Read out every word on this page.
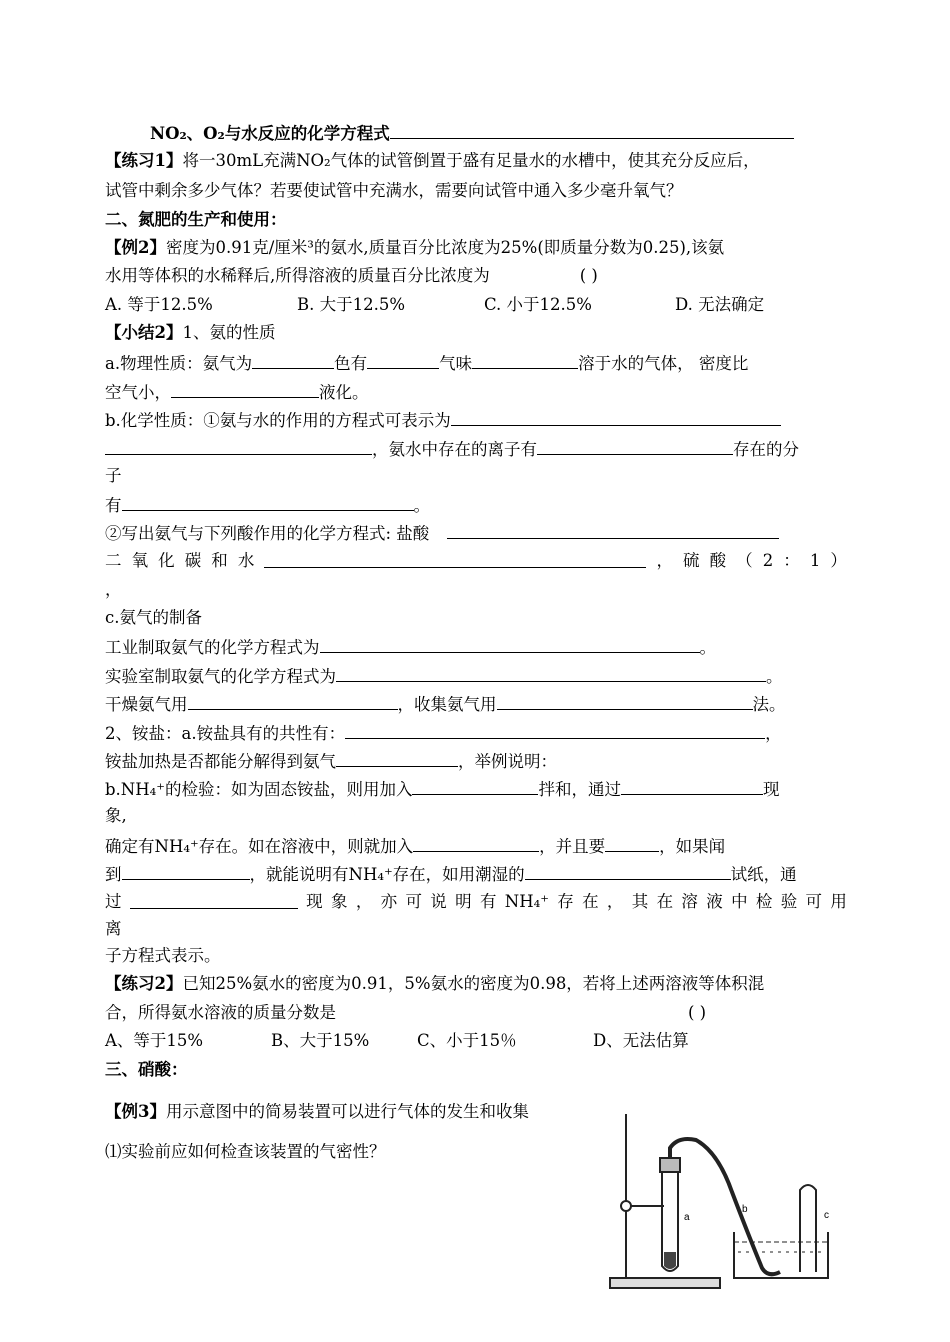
NO₂、O₂与水反应的化学方程式
【练习1】将一30mL充满NO₂气体的试管倒置于盛有足量水的水槽中，使其充分反应后，
试管中剩余多少气体？若要使试管中充满水，需要向试管中通入多少毫升氧气？
二、氮肥的生产和使用：
【例2】密度为0.91克/厘米³的氨水,质量百分比浓度为25%(即质量分数为0.25),该氨
水用等体积的水稀释后,所得溶液的质量百分比浓度为	( )
A. 等于12.5%	B. 大于12.5%	C. 小于12.5%	D. 无法确定
【小结2】1、氨的性质
a.物理性质：氨气为	色有	气味	溶于水的气体， 密度比
空气小，	液化。
b.化学性质：①氨与水的作用的方程式可表示为
，氨水中存在的离子有	存在的分
子
有	。
②写出氨气与下列酸作用的化学方程式: 盐酸
二 氧 化 碳 和 水	， 硫 酸 （ 2 ： 1 ）
，
c.氨气的制备
工业制取氨气的化学方程式为	。
实验室制取氨气的化学方程式为	。
干燥氨气用	，收集氨气用	法。
2、铵盐：a.铵盐具有的共性有：	，
铵盐加热是否都能分解得到氨气	，举例说明：
b.NH₄⁺的检验：如为固态铵盐，则用加入	拌和，通过	现
象,
确定有NH₄⁺存在。如在溶液中，则就加入	，并且要	，如果闻
到	，就能说明有NH₄⁺存在，如用潮湿的	试纸，通
过	现 象 ， 亦 可 说 明 有 NH₄⁺ 存 在 ， 其 在 溶 液 中 检 验 可 用
离
子方程式表示。
【练习2】已知25%氨水的密度为0.91，5%氨水的密度为0.98，若将上述两溶液等体积混
合，所得氨水溶液的质量分数是	( )
A、等于15%	B、大于15%	C、小于15％	D、无法估算
三、硝酸：
【例3】用示意图中的简易装置可以进行气体的发生和收集
⑴实验前应如何检查该装置的气密性？
a
b
c
